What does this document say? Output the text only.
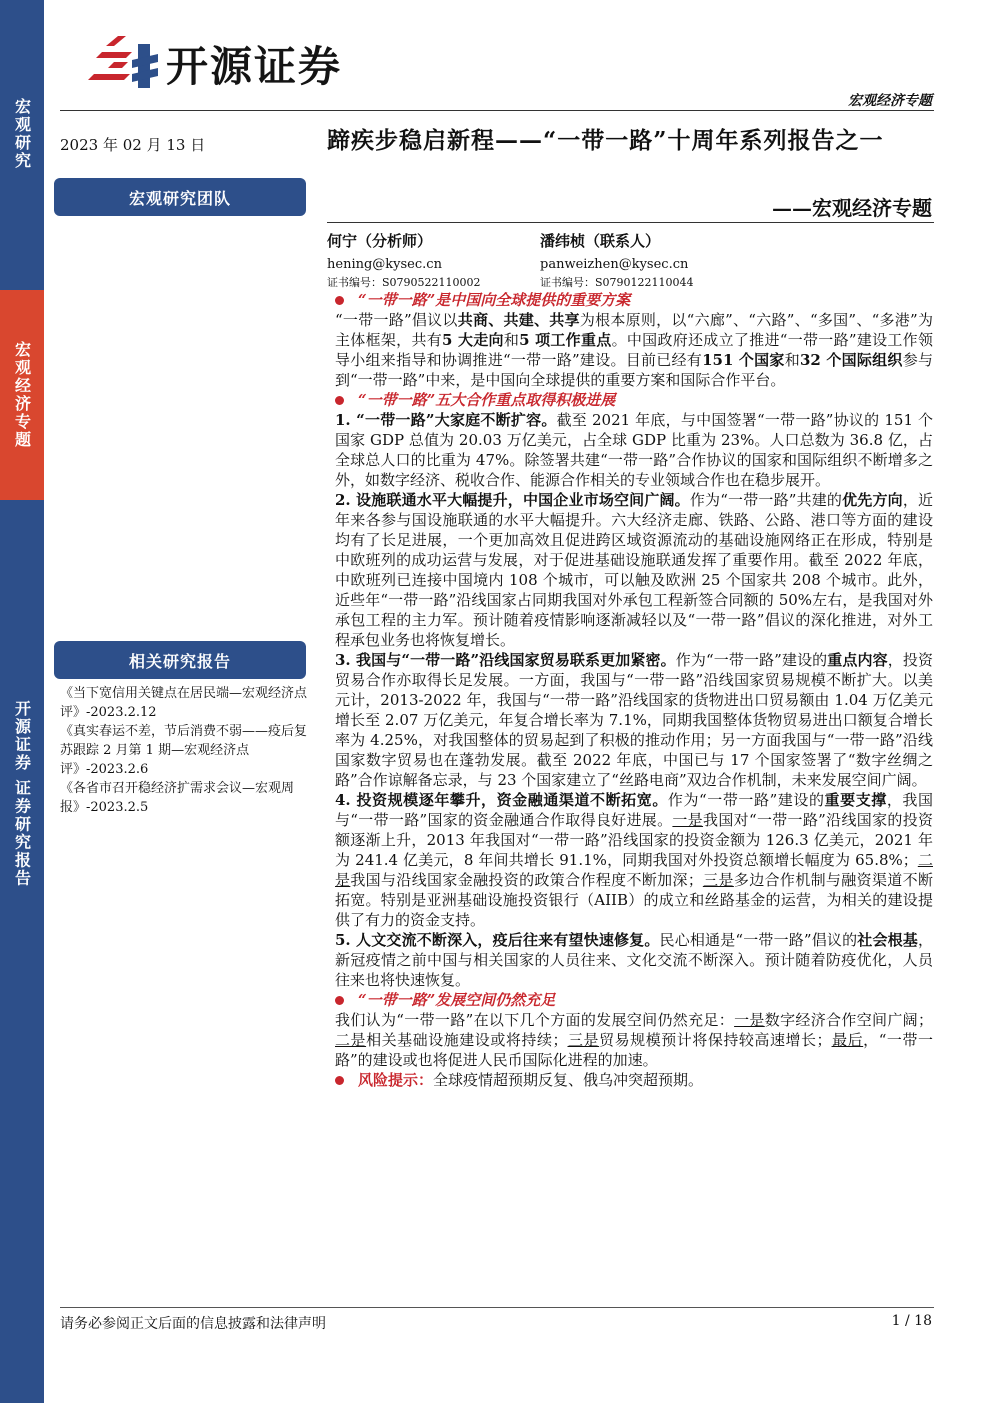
宏观研究
宏观经济专题
开源证券 证券研究报告
开源证券
宏观经济专题
2023 年 02 月 13 日
宏观研究团队
相关研究报告
《当下宽信用关键点在居民端—宏观经济点评》-2023.2.12
《真实春运不差，节后消费不弱——疫后复苏跟踪 2 月第 1 期—宏观经济点评》-2023.2.6
《各省市召开稳经济扩需求会议—宏观周报》-2023.2.5
蹄疾步稳启新程——“一带一路”十周年系列报告之一
——宏观经济专题
何宁（分析师）
hening@kysec.cn
证书编号：S0790522110002
潘纬桢（联系人）
panweizhen@kysec.cn
证书编号：S0790122110044
“一带一路”是中国向全球提供的重要方案

“一带一路”倡议以共商、共建、共享为根本原则，以“六廊”、“六路”、“多国”、“多港”为主体框架，共有5 大走向和5 项工作重点。中国政府还成立了推进“一带一路”建设工作领导小组来指导和协调推进“一带一路”建设。目前已经有151 个国家和32 个国际组织参与到“一带一路”中来，是中国向全球提供的重要方案和国际合作平台。

“一带一路”五大合作重点取得积极进展

1. “一带一路”大家庭不断扩容。截至 2021 年底，与中国签署“一带一路”协议的 151 个国家 GDP 总值为 20.03 万亿美元，占全球 GDP 比重为 23%。人口总数为 36.8 亿，占全球总人口的比重为 47%。除签署共建“一带一路”合作协议的国家和国际组织不断增多之外，如数字经济、税收合作、能源合作相关的专业领域合作也在稳步展开。

2. 设施联通水平大幅提升，中国企业市场空间广阔。作为“一带一路”共建的优先方向，近年来各参与国设施联通的水平大幅提升。六大经济走廊、铁路、公路、港口等方面的建设均有了长足进展，一个更加高效且促进跨区域资源流动的基础设施网络正在形成，特别是中欧班列的成功运营与发展，对于促进基础设施联通发挥了重要作用。截至 2022 年底，中欧班列已连接中国境内 108 个城市，可以触及欧洲 25 个国家共 208 个城市。此外，近些年“一带一路”沿线国家占同期我国对外承包工程新签合同额的 50%左右，是我国对外承包工程的主力军。预计随着疫情影响逐渐减轻以及“一带一路”倡议的深化推进，对外工程承包业务也将恢复增长。

3. 我国与“一带一路”沿线国家贸易联系更加紧密。作为“一带一路”建设的重点内容，投资贸易合作亦取得长足发展。一方面，我国与“一带一路”沿线国家贸易规模不断扩大。以美元计，2013-2022 年，我国与“一带一路”沿线国家的货物进出口贸易额由 1.04 万亿美元增长至 2.07 万亿美元，年复合增长率为 7.1%，同期我国整体货物贸易进出口额复合增长率为 4.25%，对我国整体的贸易起到了积极的推动作用；另一方面我国与“一带一路”沿线国家数字贸易也在蓬勃发展。截至 2022 年底，中国已与 17 个国家签署了“数字丝绸之路”合作谅解备忘录，与 23 个国家建立了“丝路电商”双边合作机制，未来发展空间广阔。

4. 投资规模逐年攀升，资金融通渠道不断拓宽。作为“一带一路”建设的重要支撑，我国与“一带一路”国家的资金融通合作取得良好进展。一是我国对“一带一路”沿线国家的投资额逐渐上升，2013 年我国对“一带一路”沿线国家的投资金额为 126.3 亿美元，2021 年为 241.4 亿美元，8 年间共增长 91.1%，同期我国对外投资总额增长幅度为 65.8%；二是我国与沿线国家金融投资的政策合作程度不断加深；三是多边合作机制与融资渠道不断拓宽。特别是亚洲基础设施投资银行（AIIB）的成立和丝路基金的运营，为相关的建设提供了有力的资金支持。

5. 人文交流不断深入，疫后往来有望快速修复。民心相通是“一带一路”倡议的社会根基，新冠疫情之前中国与相关国家的人员往来、文化交流不断深入。预计随着防疫优化，人员往来也将快速恢复。

“一带一路”发展空间仍然充足

我们认为“一带一路”在以下几个方面的发展空间仍然充足：一是数字经济合作空间广阔；二是相关基础设施建设或将持续；三是贸易规模预计将保持较高速增长；最后，“一带一路”的建设或也将促进人民币国际化进程的加速。

风险提示： 全球疫情超预期反复、俄乌冲突超预期。
请务必参阅正文后面的信息披露和法律声明	1 / 18
